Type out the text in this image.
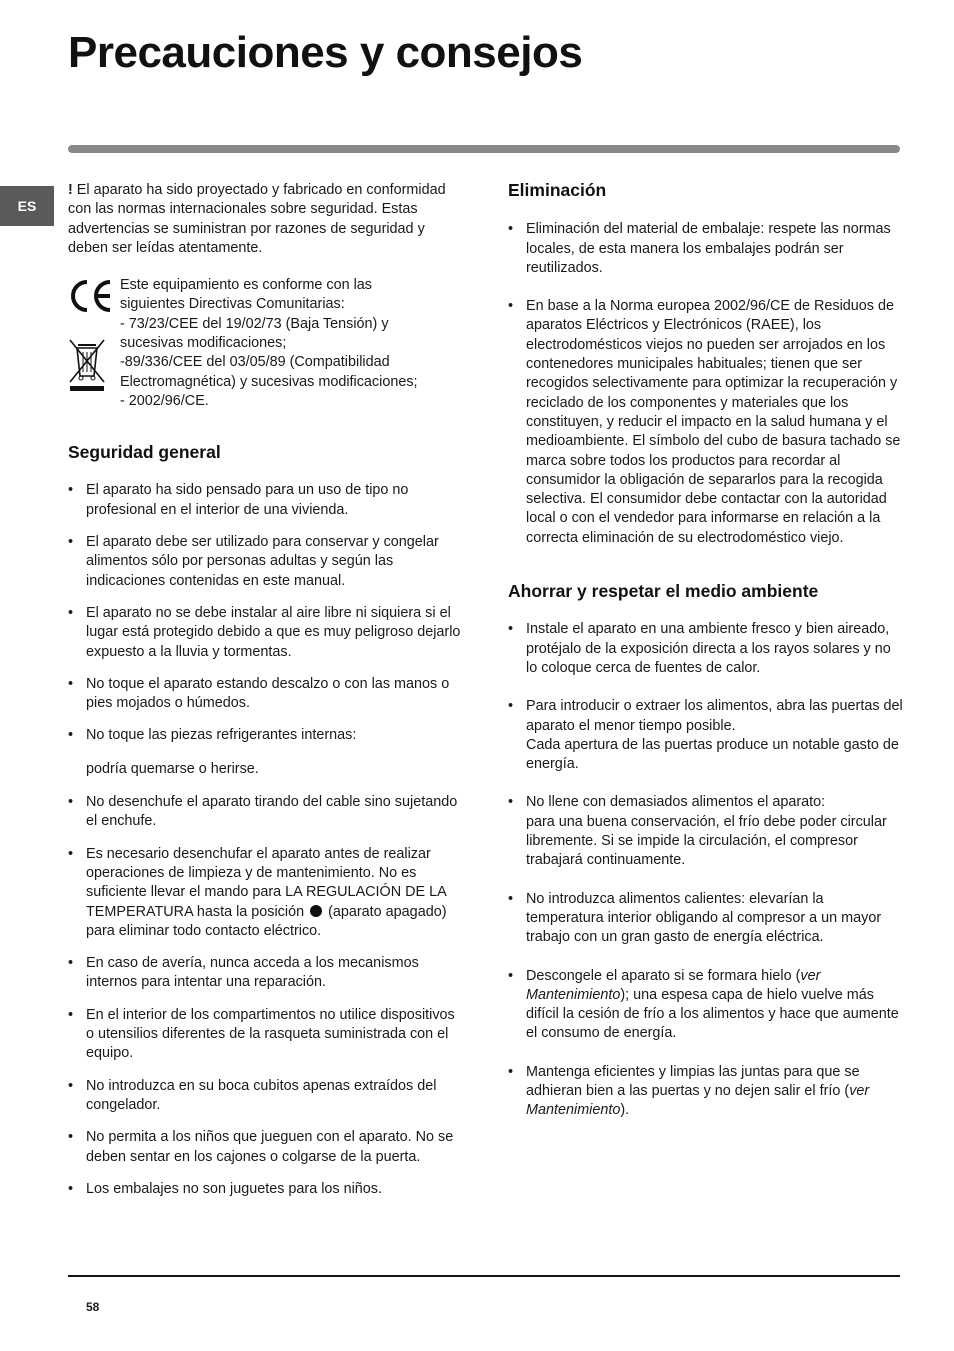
Precauciones y consejos
ES

! El aparato ha sido proyectado y fabricado en conformidad con las normas internacionales sobre seguridad. Estas advertencias se suministran por razones de seguridad y deben ser leídas atentamente.

Este equipamiento es conforme con las
siguientes Directivas Comunitarias:
- 73/23/CEE del 19/02/73 (Baja Tensión) y
sucesivas modificaciones;
-89/336/CEE del 03/05/89 (Compatibilidad
Electromagnética) y sucesivas modificaciones;
- 2002/96/CE.
Seguridad general
• El aparato ha sido pensado para un uso de tipo no profesional en el interior de una vivienda.
• El aparato debe ser utilizado para conservar y congelar alimentos sólo por personas adultas y según las indicaciones contenidas en este manual.
• El aparato no se debe instalar al aire libre ni siquiera si el lugar está protegido debido a que es muy peligroso dejarlo expuesto a la lluvia y tormentas.
• No toque el aparato estando descalzo o con las manos o pies mojados o húmedos.
• No toque las piezas refrigerantes internas:

podría quemarse o herirse.

• No desenchufe el aparato tirando del cable sino sujetando el enchufe.
• Es necesario desenchufar el aparato antes de realizar operaciones de limpieza y de mantenimiento. No es suficiente llevar el mando para LA REGULACIÓN DE LA TEMPERATURA hasta la posición (aparato apagado) para eliminar todo contacto eléctrico.
• En caso de avería, nunca acceda a los mecanismos internos para intentar una reparación.
• En el interior de los compartimentos no utilice dispositivos o utensilios diferentes de la rasqueta suministrada con el equipo.
• No introduzca en su boca cubitos apenas extraídos del congelador.
• No permita a los niños que jueguen con el aparato. No se deben sentar en los cajones o colgarse de la puerta.
• Los embalajes no son juguetes para los niños.
Eliminación
• Eliminación del material de embalaje: respete las normas locales, de esta manera los embalajes podrán ser reutilizados.
• En base a la Norma europea 2002/96/CE de Residuos de aparatos Eléctricos y Electrónicos (RAEE), los electrodomésticos viejos no pueden ser arrojados en los contenedores municipales habituales; tienen que ser recogidos selectivamente para optimizar la recuperación y reciclado de los componentes y materiales que los constituyen, y reducir el impacto en la salud humana y el medioambiente. El símbolo del cubo de basura tachado se marca sobre todos los productos para recordar al consumidor la obligación de separarlos para la recogida selectiva. El consumidor debe contactar con la autoridad local o con el vendedor para informarse en relación a la correcta eliminación de su electrodoméstico viejo.
Ahorrar y respetar el medio ambiente
• Instale el aparato en una ambiente fresco y bien aireado, protéjalo de la exposición directa a los rayos solares y no lo coloque cerca de fuentes de calor.
• Para introducir o extraer los alimentos, abra las puertas del aparato el menor tiempo posible.
Cada apertura de las puertas produce un notable gasto de energía.
• No llene con demasiados alimentos el aparato:
para una buena conservación, el frío debe poder circular libremente. Si se impide la circulación, el compresor trabajará continuamente.
• No introduzca alimentos calientes: elevarían la temperatura interior obligando al compresor a un mayor trabajo con un gran gasto de energía eléctrica.
• Descongele el aparato si se formara hielo (ver Mantenimiento); una espesa capa de hielo vuelve más difícil la cesión de frío a los alimentos y hace que aumente el consumo de energía.
• Mantenga eficientes y limpias las juntas para que se adhieran bien a las puertas y no dejen salir el frío (ver Mantenimiento).
58
